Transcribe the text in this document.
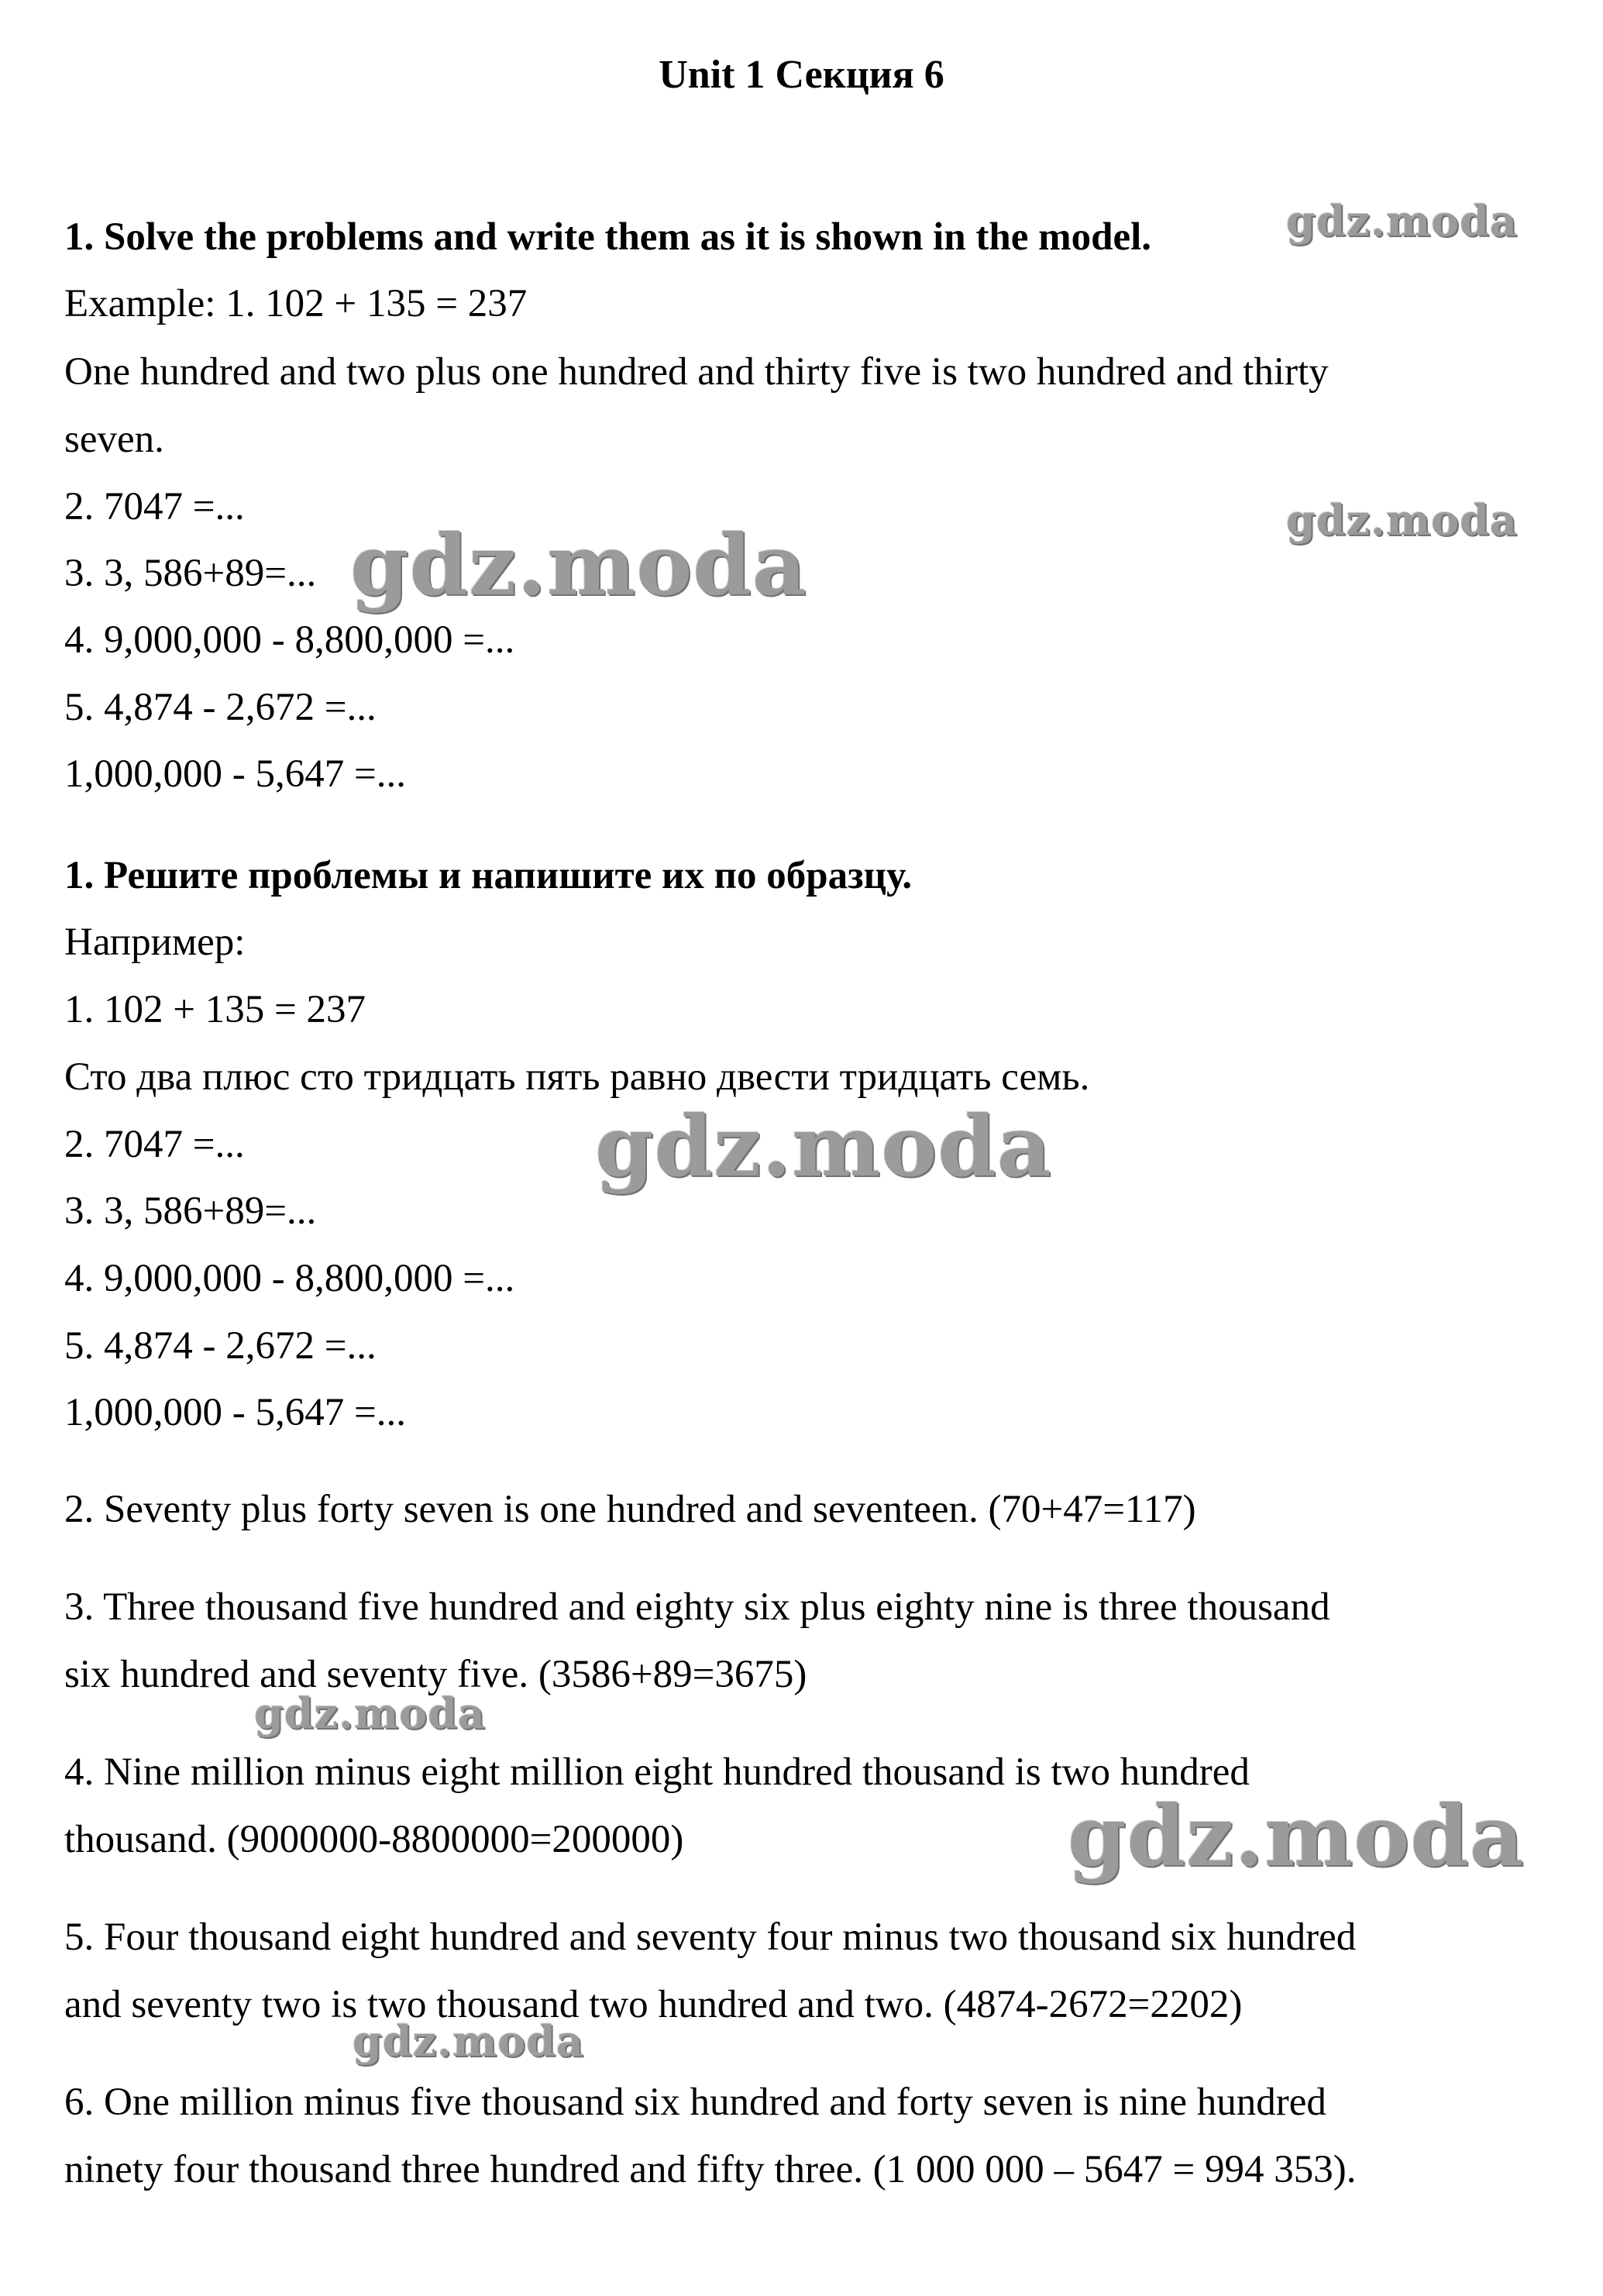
Unit 1 Секция 6
1. Solve the problems and write them as it is shown in the model.
Example: 1. 102 + 135 = 237
One hundred and two plus one hundred and thirty five is two hundred and thirty
seven.
2. 7047 =...
3. 3, 586+89=...
4. 9,000,000 - 8,800,000 =...
5. 4,874 - 2,672 =...
1,000,000 - 5,647 =...
1. Решите проблемы и напишите их по образцу.
Например:
1. 102 + 135 = 237
Сто два плюс сто тридцать пять равно двести тридцать семь.
2. 7047 =...
3. 3, 586+89=...
4. 9,000,000 - 8,800,000 =...
5. 4,874 - 2,672 =...
1,000,000 - 5,647 =...
2. Seventy plus forty seven is one hundred and seventeen. (70+47=117)
3. Three thousand five hundred and eighty six plus eighty nine is three thousand
six hundred and seventy five. (3586+89=3675)
4. Nine million minus eight million eight hundred thousand is two hundred
thousand. (9000000-8800000=200000)
5. Four thousand eight hundred and seventy four minus two thousand six hundred
and seventy two is two thousand two hundred and two. (4874-2672=2202)
6. One million minus five thousand six hundred and forty seven is nine hundred
ninety four thousand three hundred and fifty three. (1 000 000 – 5647 = 994 353).
gdz.moda
gdz.moda
gdz.moda
gdz.moda
gdz.moda
gdz.moda
gdz.moda
